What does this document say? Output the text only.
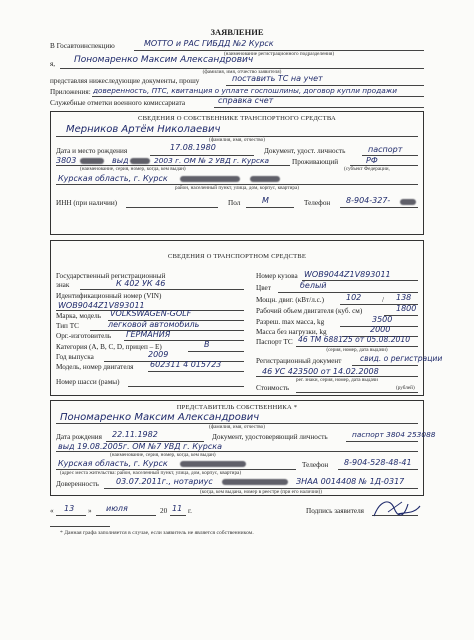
ЗАЯВЛЕНИЕ
В Госавтоинспекцию	МОТТО и РАС ГИБДД №2 Курск
(наименование регистрационного подразделения)
я, Пономаренко Максим Александрович
(фамилия, имя, отчество заявителя)
представляя нижеследующие документы, прошу	поставить ТС на учет
Приложения: доверенность, ПТС, квитанция о уплате госпошлины, договор купли продажи
Служебные отметки военного комиссариата	справка счет
СВЕДЕНИЯ О СОБСТВЕННИКЕ ТРАНСПОРТНОГО СРЕДСТВА
Мерников Артём Николаевич
(фамилия, имя, отчество)
Дата и место рождения	17.08.1980	Документ, удост. личность	паспорт
3803	выд	2003 г. ОМ № 2 УВД г. Курска	Проживающий	РФ
(наименование, серия, номер, когда, кем выдан)	(субъект Федерации,
Курская область, г. Курск
район, населенный пункт, улица, дом, корпус, квартира)
ИНН (при наличии)	Пол	М	Телефон 8-904-327-
СВЕДЕНИЯ О ТРАНСПОРТНОМ СРЕДСТВЕ
Государственный регистрационный
знак	К 402 УК 46
Идентификационный номер (VIN)
WOB9044Z1V893011
Марка, модель VOLKSWAGEN-GOLF
Тип ТС	легковой автомобиль
Орг.-изготовитель ГЕРМАНИЯ
Категория (A, B, C, D, прицеп – E)	В
Год выпуска	2009
Модель, номер двигателя 602311 4 015723
Номер шасси (рамы)
Номер кузова WOB9044Z1V893011
Цвет	белый
Мощн. двиг. (кВт/л.с.)	102	/ 138
Рабочий объем двигателя (куб. см)	1800
Разреш. max масса, kg	3500
Масса без нагрузки, kg	2000
Паспорт ТС 46 ТМ 688125 от 05.08.2010
(серия, номер, дата выдачи)
Регистрационный документ свид. о регистрации
46 УС 423500 от 14.02.2008
рег. знаки, серия, номер, дата выдачи
Стоимость	(рублей)
ПРЕДСТАВИТЕЛЬ СОБСТВЕННИКА *
Пономаренко Максим Александрович
(фамилия, имя, отчество)
Дата рождения 22.11.1982	Документ, удостоверяющий личность	паспорт 3804 253088
выд 19.08.2005г. ОМ №7 УВД г. Курска
(наименование, серия, номер, когда, кем выдан)
Курская область, г. Курск	Телефон 8-904-528-48-41
(адрес места жительства: район, населенный пункт, улица, дом, корпус, квартира)
Доверенность 03.07.2011г., нотариус	ЗНАА 0014408 № 1Д-0317
(когда, кем выдана, номер в реестре (при его наличии))
« 13 » июля	20 11 г.	Подпись заявителя
* Данная графа заполняется в случае, если заявитель не является собственником.
